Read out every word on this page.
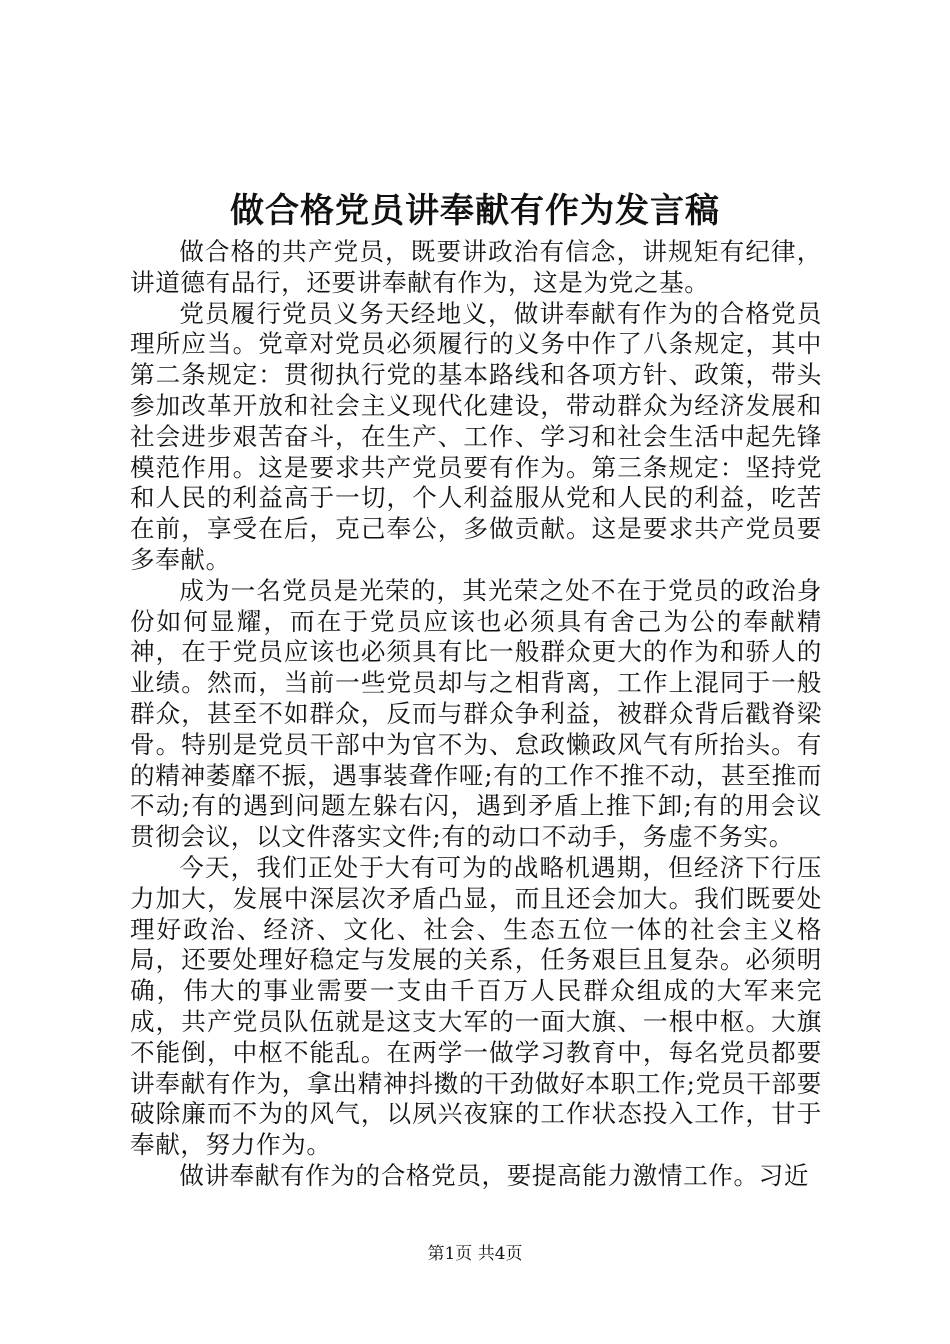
做合格党员讲奉献有作为发言稿

做合格的共产党员，既要讲政治有信念，讲规矩有纪律，讲道德有品行，还要讲奉献有作为，这是为党之基。

党员履行党员义务天经地义，做讲奉献有作为的合格党员理所应当。党章对党员必须履行的义务中作了八条规定，其中第二条规定：贯彻执行党的基本路线和各项方针、政策，带头参加改革开放和社会主义现代化建设，带动群众为经济发展和社会进步艰苦奋斗，在生产、工作、学习和社会生活中起先锋模范作用。这是要求共产党员要有作为。第三条规定：坚持党和人民的利益高于一切，个人利益服从党和人民的利益，吃苦在前，享受在后，克己奉公，多做贡献。这是要求共产党员要多奉献。

成为一名党员是光荣的，其光荣之处不在于党员的政治身份如何显耀，而在于党员应该也必须具有舍己为公的奉献精神，在于党员应该也必须具有比一般群众更大的作为和骄人的业绩。然而，当前一些党员却与之相背离，工作上混同于一般群众，甚至不如群众，反而与群众争利益，被群众背后戳脊梁骨。特别是党员干部中为官不为、怠政懒政风气有所抬头。有的精神萎靡不振，遇事装聋作哑;有的工作不推不动，甚至推而不动;有的遇到问题左躲右闪，遇到矛盾上推下卸;有的用会议贯彻会议，以文件落实文件;有的动口不动手，务虚不务实。

今天，我们正处于大有可为的战略机遇期，但经济下行压力加大，发展中深层次矛盾凸显，而且还会加大。我们既要处理好政治、经济、文化、社会、生态五位一体的社会主义格局，还要处理好稳定与发展的关系，任务艰巨且复杂。必须明确，伟大的事业需要一支由千百万人民群众组成的大军来完成，共产党员队伍就是这支大军的一面大旗、一根中枢。大旗不能倒，中枢不能乱。在两学一做学习教育中，每名党员都要讲奉献有作为，拿出精神抖擞的干劲做好本职工作;党员干部要破除廉而不为的风气，以夙兴夜寐的工作状态投入工作，甘于奉献，努力作为。

做讲奉献有作为的合格党员，要提高能力激情工作。习近

第1页 共4页
